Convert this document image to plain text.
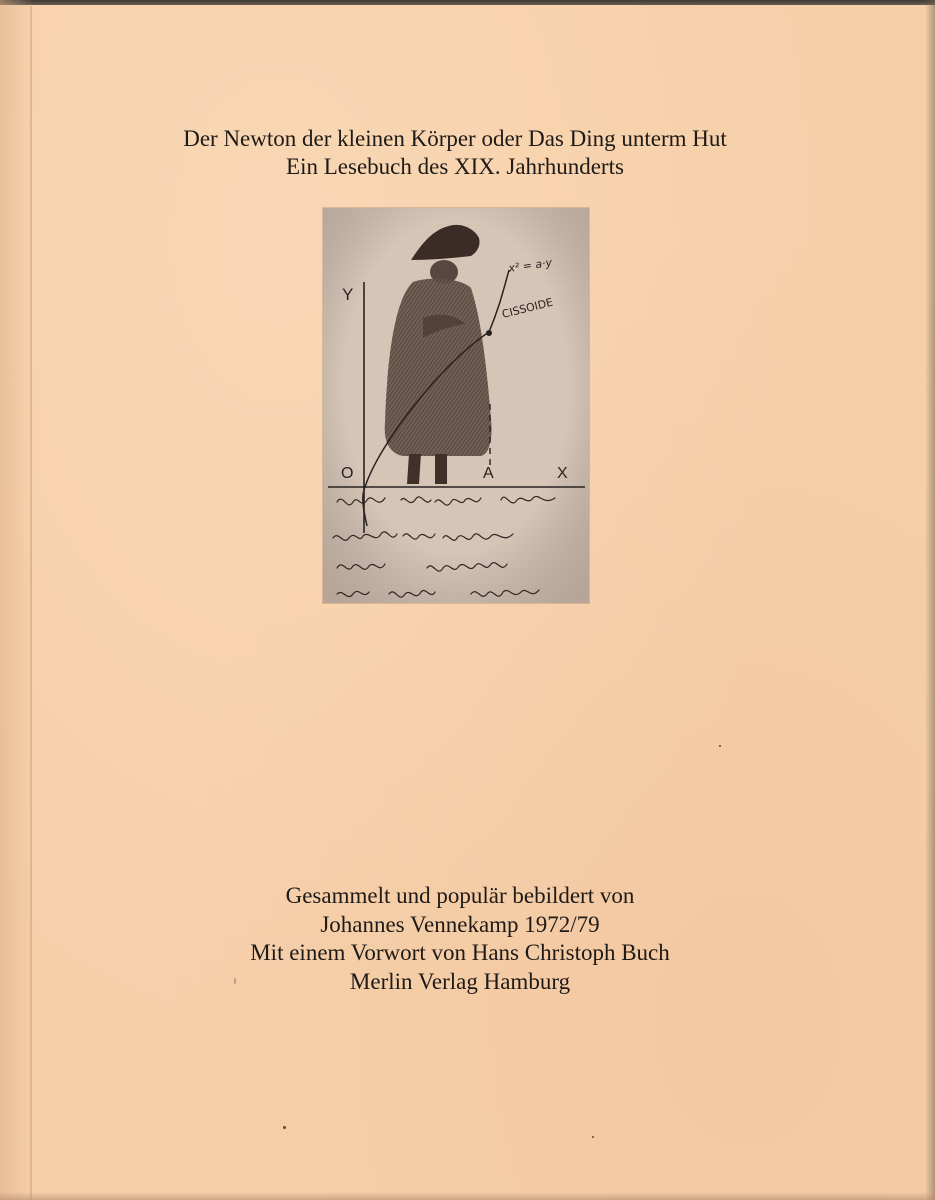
Der Newton der kleinen Körper oder Das Ding unterm Hut
Ein Lesebuch des XIX. Jahrhunderts
Y
O	A	X
x² = a·y
CISSOIDE
Gesammelt und populär bebildert von
Johannes Vennekamp 1972/79
Mit einem Vorwort von Hans Christoph Buch
Merlin Verlag Hamburg
